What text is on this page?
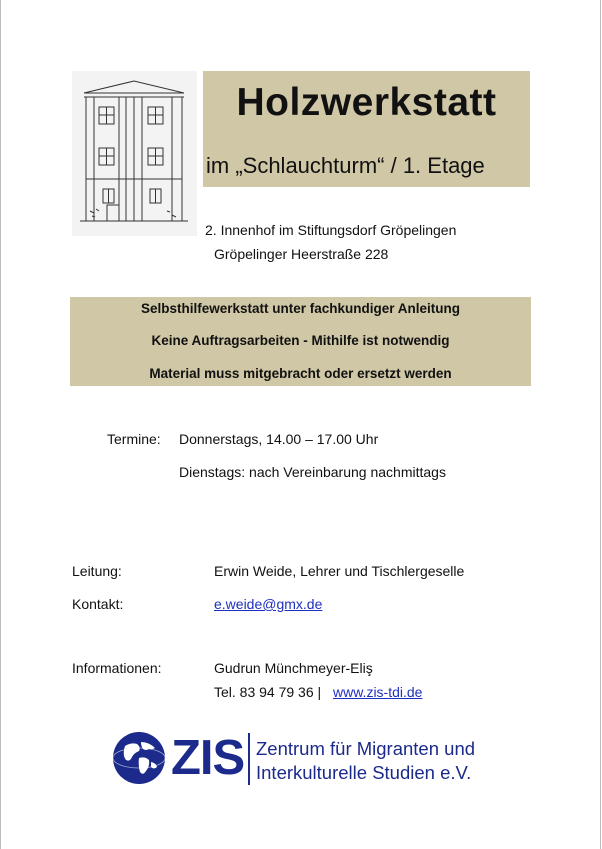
Holzwerkstatt
im „Schlauchturm“ / 1. Etage
2. Innenhof im Stiftungsdorf Gröpelingen
Gröpelinger Heerstraße 228
Selbsthilfewerkstatt unter fachkundiger Anleitung
Keine Auftragsarbeiten - Mithilfe ist notwendig
Material muss mitgebracht oder ersetzt werden
Termine: Donnerstags, 14.00 – 17.00 Uhr
Dienstags: nach Vereinbarung nachmittags
Leitung:	Erwin Weide, Lehrer und Tischlergeselle
Kontakt:	e.weide@gmx.de
Informationen:	Gudrun Münchmeyer-Eliş
Tel. 83 94 79 36 | www.zis-tdi.de
ZIS Zentrum für Migranten und
Interkulturelle Studien e.V.
